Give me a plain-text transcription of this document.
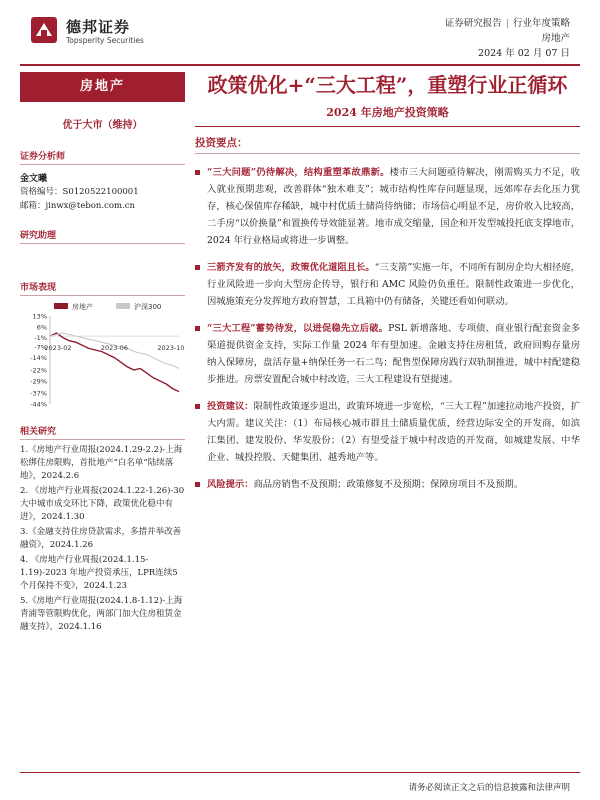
德邦证券
Topsperity Securities
证券研究报告 | 行业年度策略
房地产
2024 年 02 月 07 日
房地产
优于大市（维持）
证券分析师
金文曦
资格编号：S0120522100001
邮箱：jinwx@tebon.com.cn
研究助理
市场表现
房地产	沪深300
13%
6%
-1%
-7%
-14%
-22%
-29%
-37%
-44%
2023-02	2023-06	2023-10
相关研究
1.《房地产行业周报(2024.1.29-2.2)-上海松绑住房限购，首批地产“白名单”陆续落地》，2024.2.6
2. 《房地产行业周报(2024.1.22-1.26)-30 大中城市成交环比下降，政策优化稳中有进》，2024.1.30
3.《金融支持住房贷款需求，多措并举改善融资》，2024.1.26
4. 《房地产行业周报(2024.1.15-1.19)-2023 年地产投资承压，LPR连续5个月保持不变》，2024.1.23
5.《房地产行业周报(2024.1.8-1.12)-上海青浦等管限购优化，两部门加大住房租赁金融支持》，2024.1.16
政策优化+“三大工程”，重塑行业正循环
2024 年房地产投资策略
投资要点：
“三大问题”仍待解决，结构重塑革故鼎新。楼市三大问题亟待解决，刚需购买力不足，收入就业预期悲观，改善群体“独木难支”；城市结构性库存问题显现，远郊库存去化压力犹存，核心保值库存稀缺，城中村优质土储尚待纳储；市场信心明显不足，房价收入比较高，二手房“以价换量”和置换传导效能显著。地市成交缩量，国企和开发型城投托底支撑地市，2024 年行业格局或将进一步调整。
三箭齐发有的放矢，政策优化道阻且长。“三支箭”实施一年，不同所有制房企均大相径庭，行业风险进一步向大型房企传导，银行和 AMC 风险仍负重任。限制性政策进一步优化，因城施策充分发挥地方政府智慧，工具箱中仍有储备，关键还看如何联动。
“三大工程”蓄势待发，以进促稳先立后破。PSL 新增落地、专项债、商业银行配套资金多渠道提供资金支持，实际工作量 2024 年有望加速。金融支持住房租赁，政府回购存量房纳入保障房，盘活存量+纳保任务一石二鸟；配售型保障房践行双轨制推进，城中村配建稳步推进。房票安置配合城中村改造，三大工程建设有望提速。
投资建议：限制性政策逐步退出，政策环境进一步宽松，“三大工程”加速拉动地产投资，扩大内需。建议关注：（1）布局核心城市群且土储质量优质，经营边际安全的开发商，如滨江集团、建发股份、华发股份；（2）有望受益于城中村改造的开发商，如城建发展、中华企业、城投控股、天健集团、越秀地产等。
风险提示：商品房销售不及预期；政策修复不及预期；保障房项目不及预期。
请务必阅读正文之后的信息披露和法律声明
